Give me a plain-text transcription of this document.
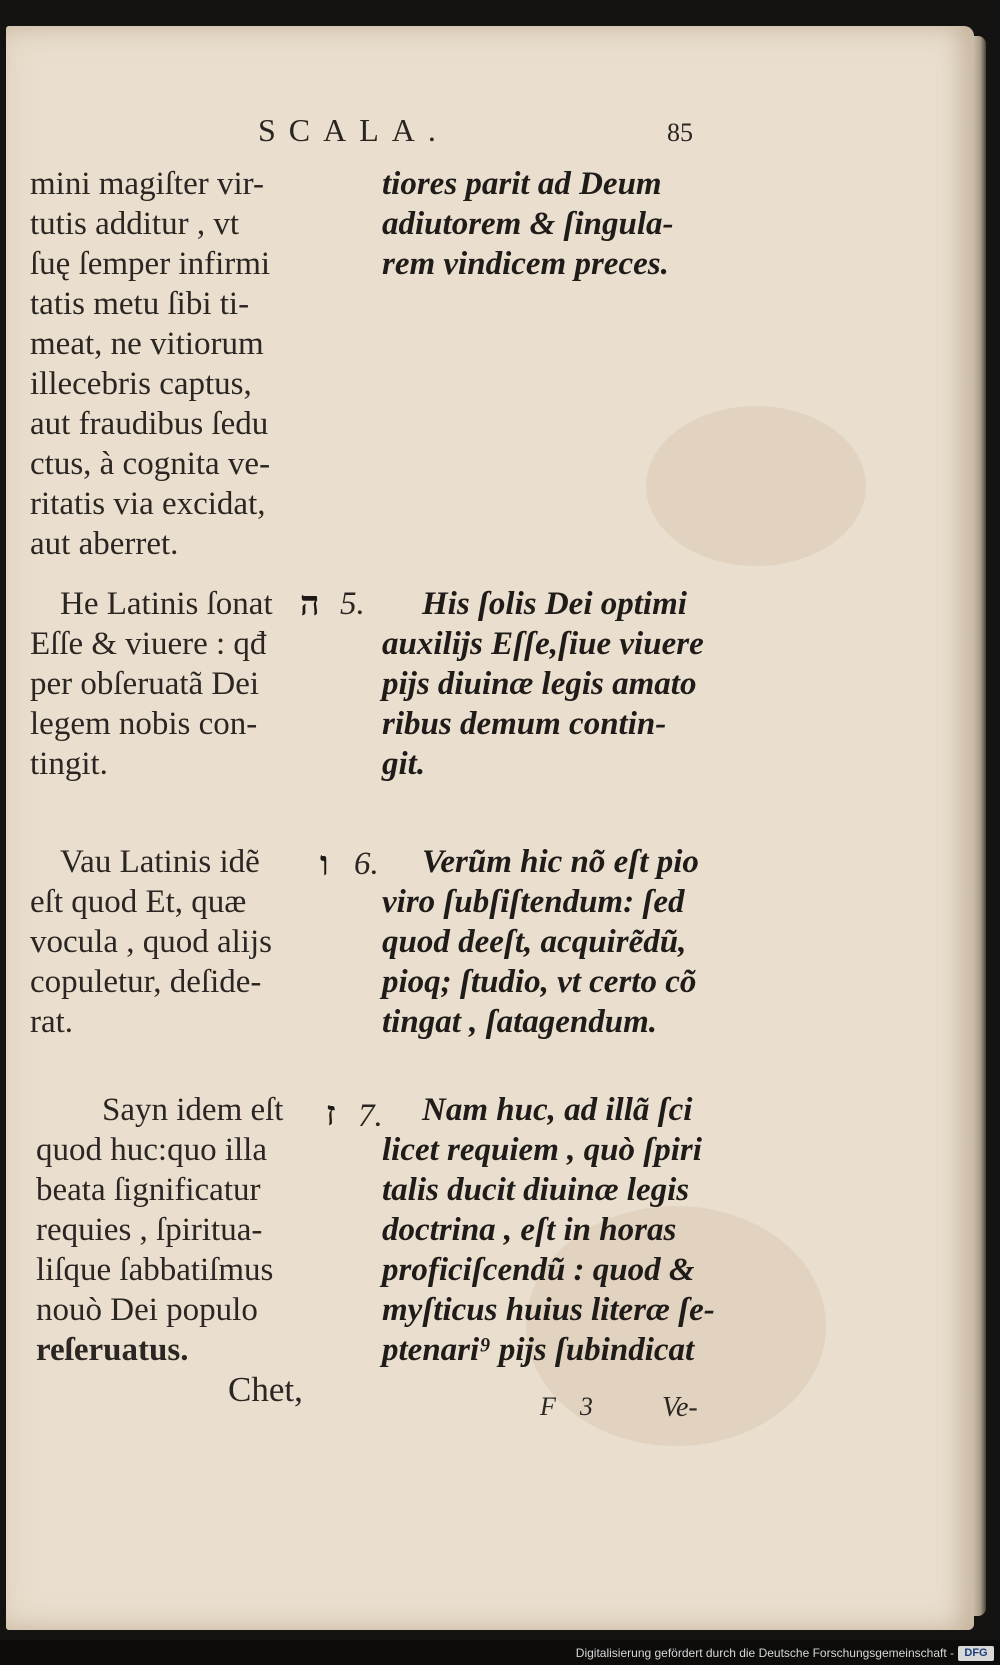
SCALA.	85
mini magiſter vir-
tutis additur , vt
ſuę ſemper infirmi
tatis metu ſibi ti-
meat, ne vitiorum
illecebris captus,
aut fraudibus ſedu
ctus, à cognita ve-
ritatis via excidat,
aut aberret.
tiores parit ad Deum
adiutorem & ſingula-
rem vindicem preces.
He Latinis ſonat
Eſſe & viuere : qđ
per obſeruatã Dei
legem nobis con-
tingit.
ה 5.	His ſolis Dei optimi
auxilijs Eſſe,ſiue viuere
pijs diuinæ legis amato
ribus demum contin-
git.
Vau Latinis idẽ
eſt quod Et, quæ
vocula , quod alijs
copuletur, deſide-
rat.
ו 6.	Verũm hic nõ eſt pio
viro ſubſiſtendum: ſed
quod deeſt, acquirẽdũ,
pioq; ſtudio, vt certo cõ
tingat , ſatagendum.
Sayn idem eſt
quod huc:quo illa
beata ſignificatur
requies , ſpiritua-
liſque ſabbatiſmus
nouò Dei populo
reſeruatus.
ז 7.	Nam huc, ad illã ſci
licet requiem , quò ſpiri
talis ducit diuinæ legis
doctrina , eſt in horas
proficiſcendũ : quod &
myſticus huius literæ ſe-
ptenari⁹ pijs ſubindicat
Chet,	F 3	Ve-
Digitalisierung gefördert durch die Deutsche Forschungsgemeinschaft - DFG
